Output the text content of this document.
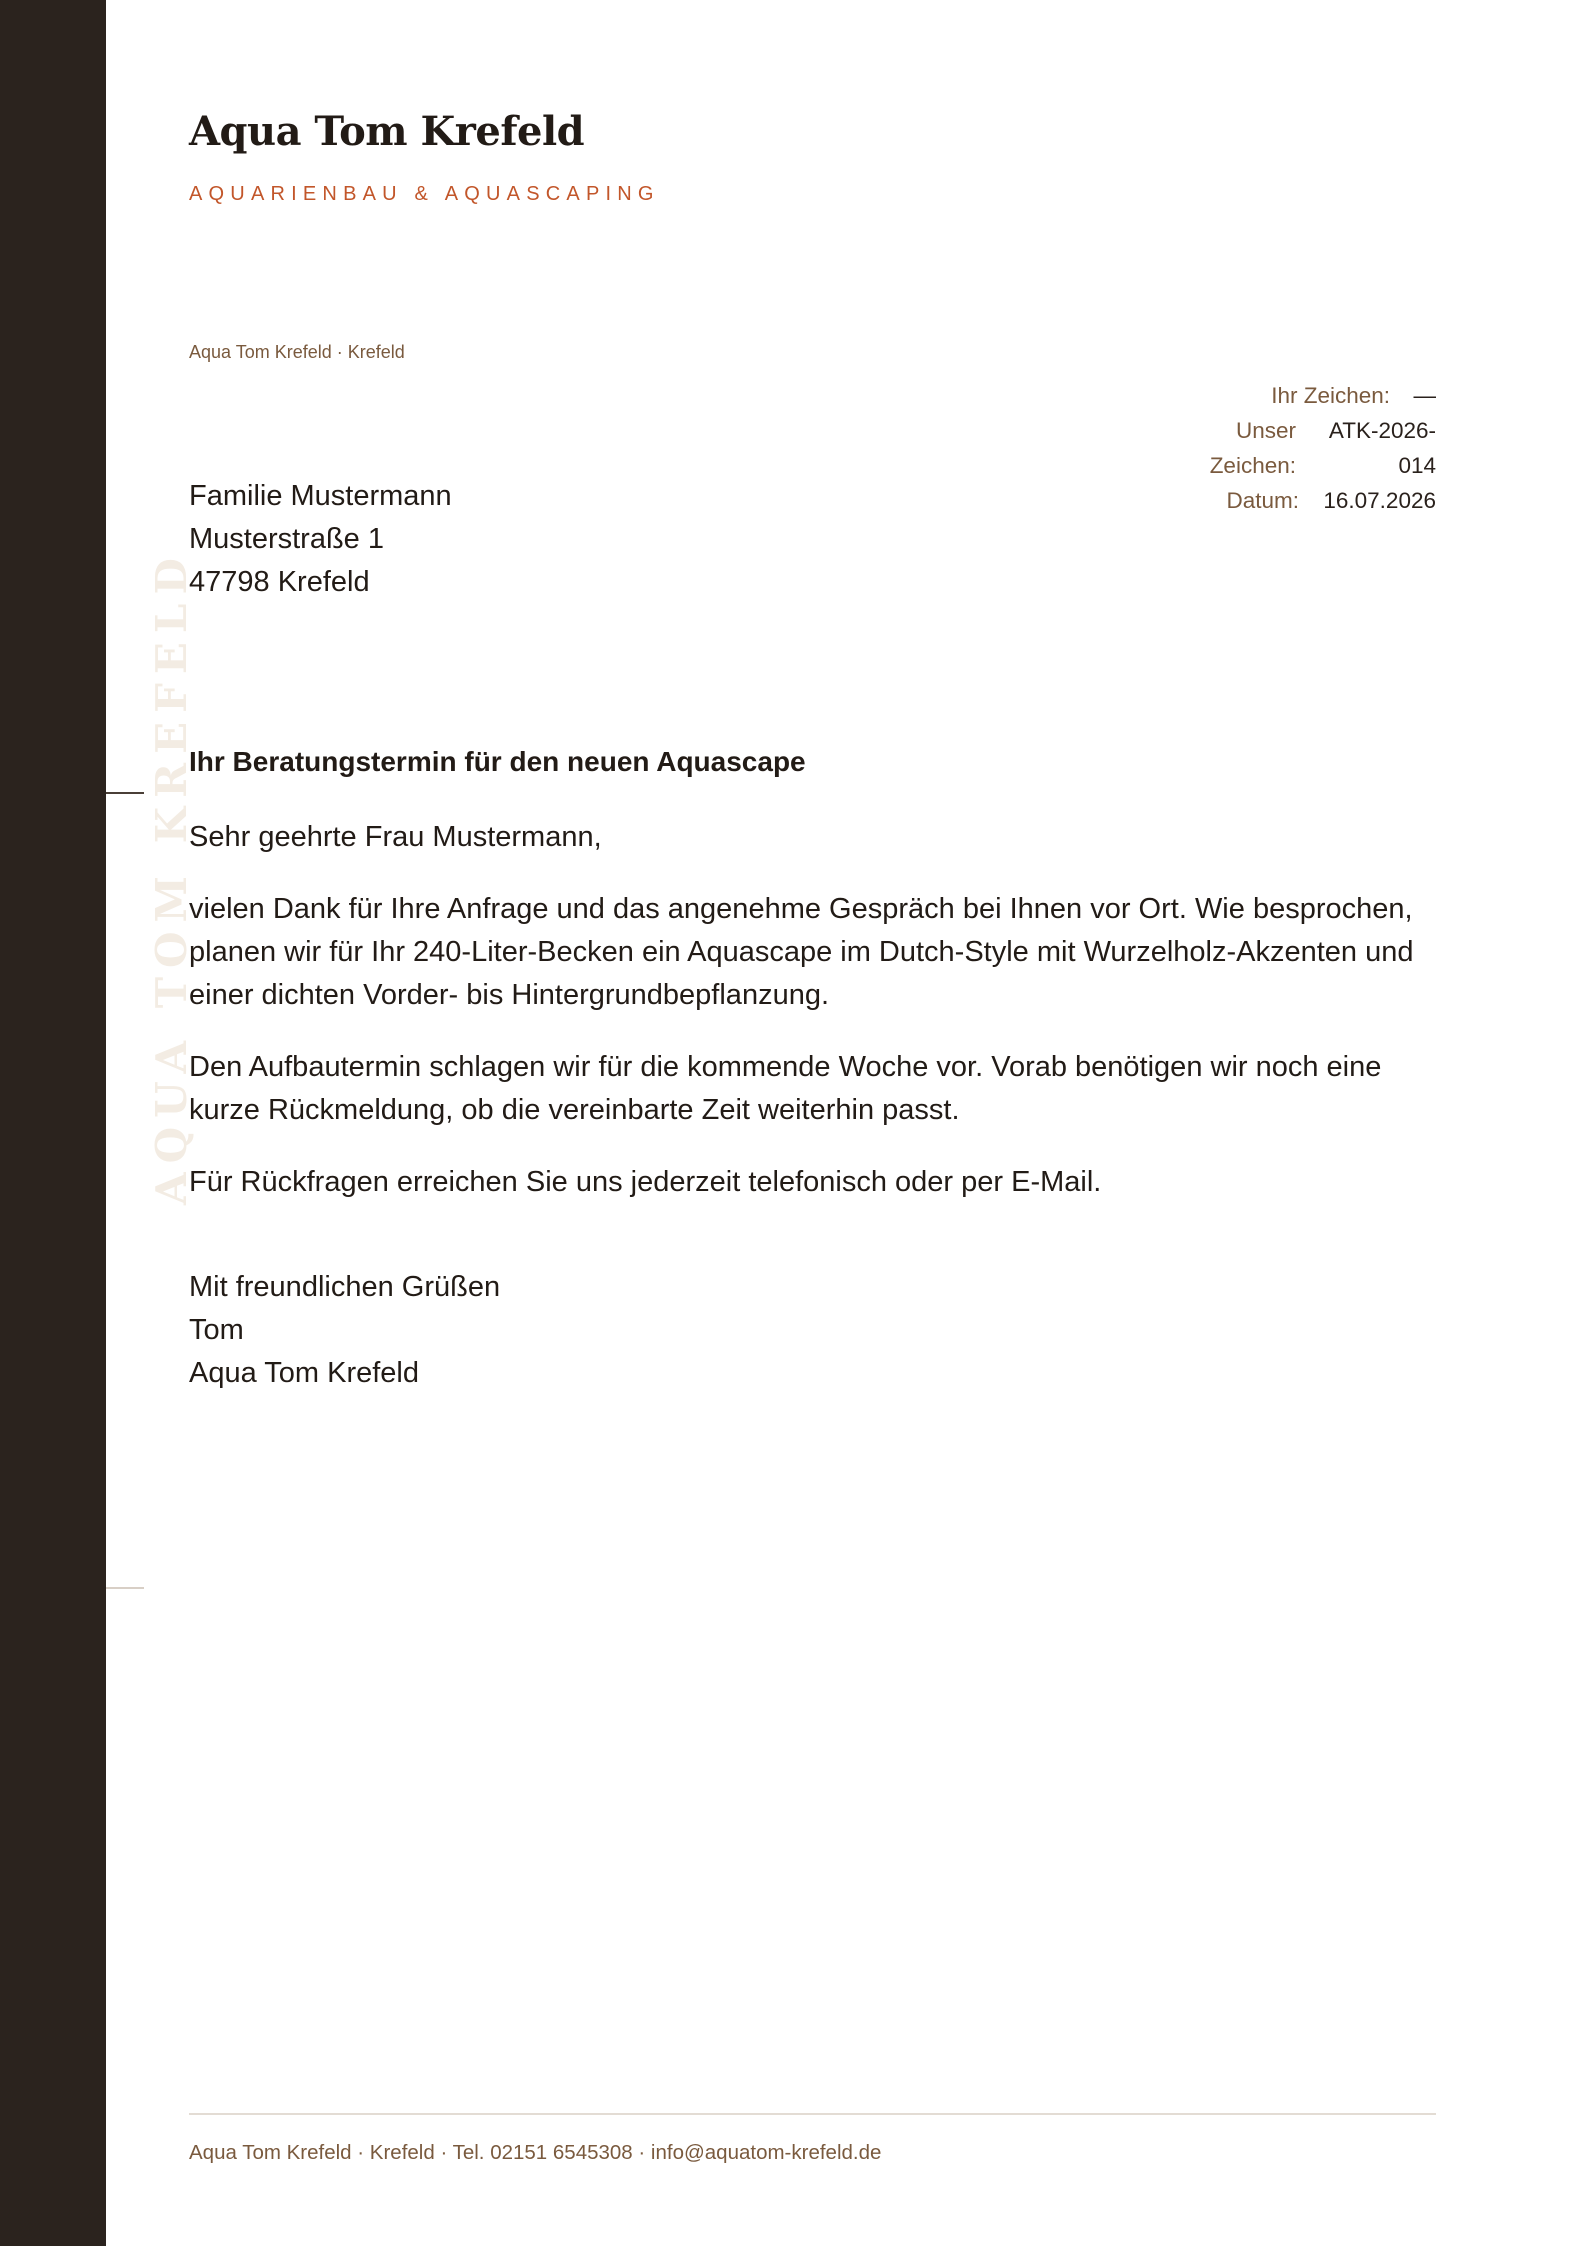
AQUA TOM KREFELD
Aqua Tom Krefeld
AQUARIENBAU & AQUASCAPING
Aqua Tom Krefeld · Krefeld
Familie Mustermann
Musterstraße 1
47798 Krefeld
Ihr Zeichen: —
Unser Zeichen:
ATK-2026-014
Datum: 16.07.2026
Ihr Beratungstermin für den neuen Aquascape

Sehr geehrte Frau Mustermann,

vielen Dank für Ihre Anfrage und das angenehme Gespräch bei Ihnen vor Ort. Wie besprochen, planen wir für Ihr 240-Liter-Becken ein Aquascape im Dutch-Style mit Wurzelholz-Akzenten und einer dichten Vorder- bis Hintergrundbepflanzung.

Den Aufbautermin schlagen wir für die kommende Woche vor. Vorab benötigen wir noch eine kurze Rückmeldung, ob die vereinbarte Zeit weiterhin passt.

Für Rückfragen erreichen Sie uns jederzeit telefonisch oder per E-Mail.

Mit freundlichen Grüßen
Tom
Aqua Tom Krefeld
Aqua Tom Krefeld · Krefeld · Tel. 02151 6545308 · info@aquatom-krefeld.de
